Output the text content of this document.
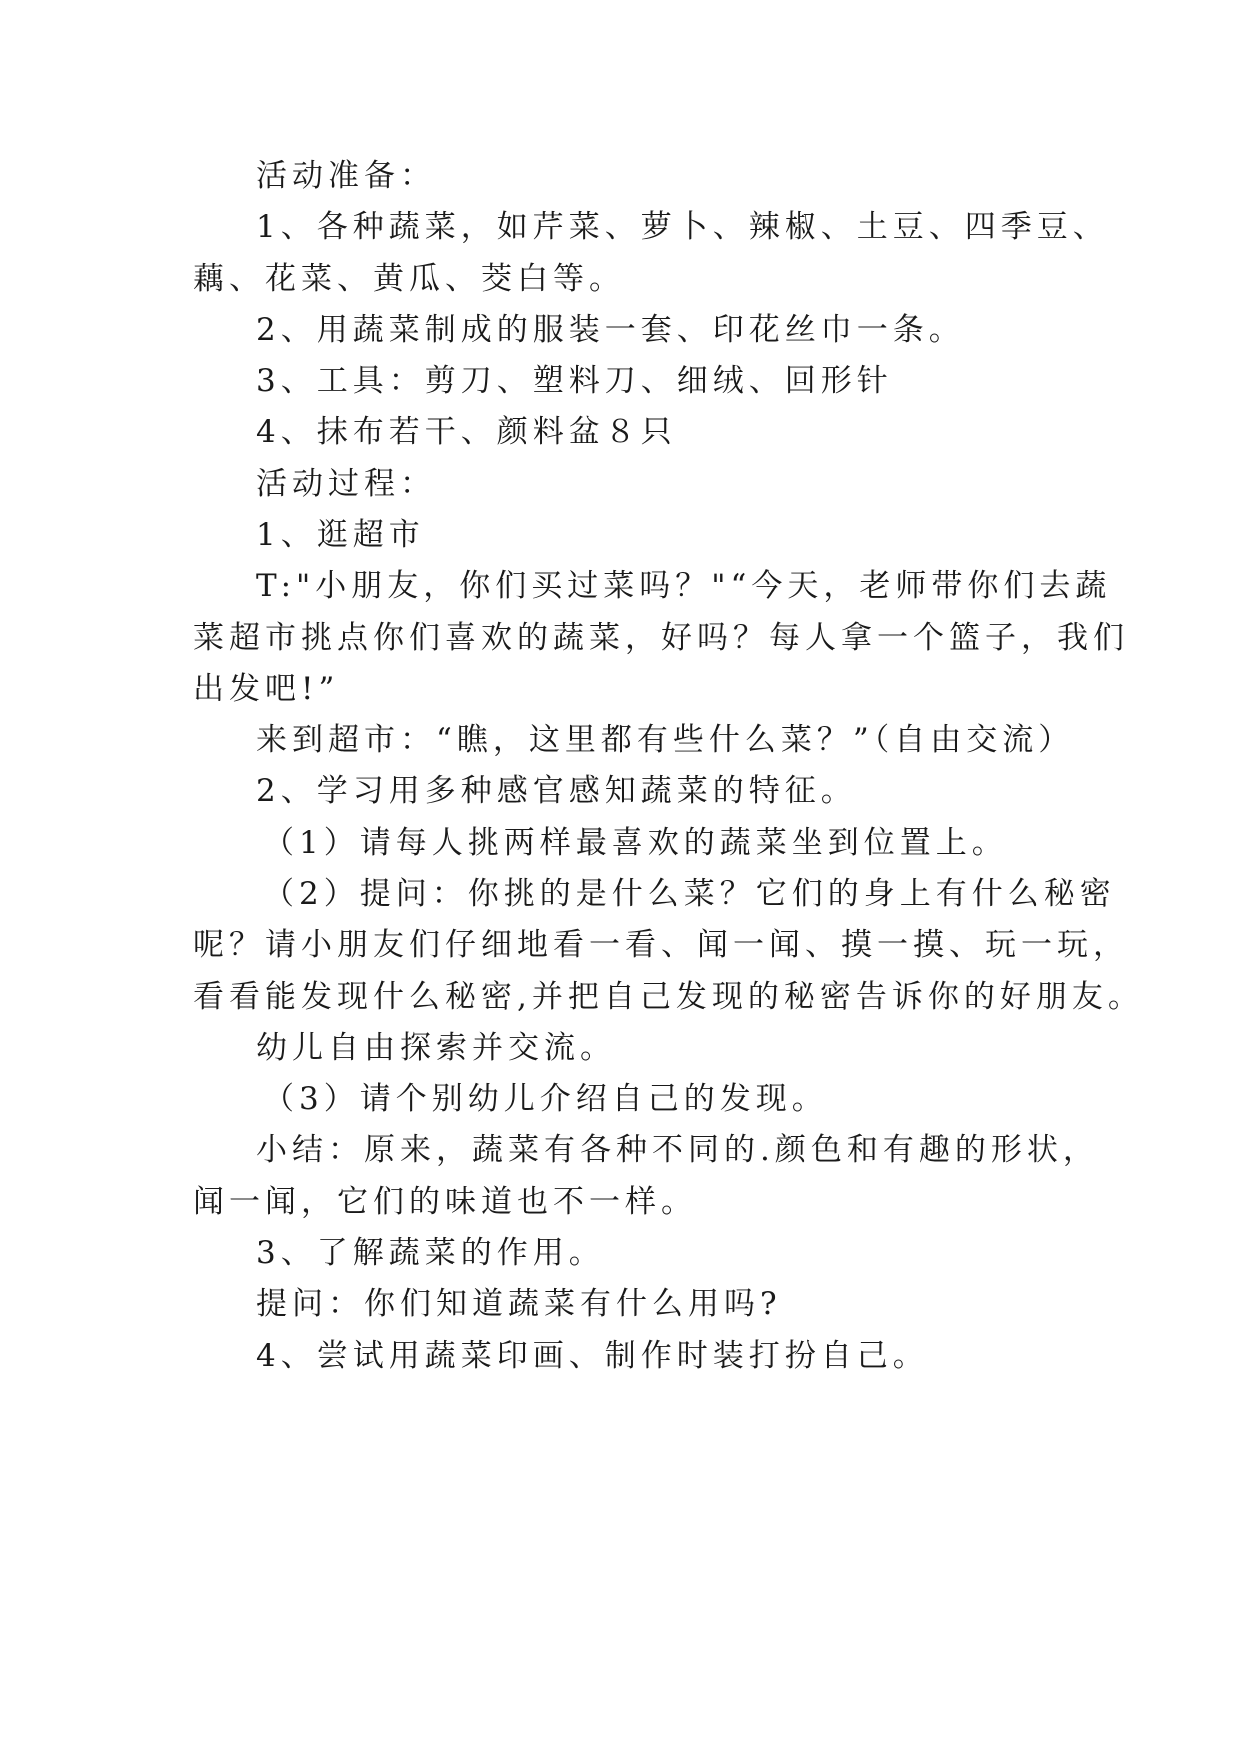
活动准备：
1、各种蔬菜，如芹菜、萝卜、辣椒、土豆、四季豆、
藕、花菜、黄瓜、茭白等。
2、用蔬菜制成的服装一套、印花丝巾一条。
3、工具：剪刀、塑料刀、细绒、回形针
4、抹布若干、颜料盆８只
活动过程：
1、逛超市
T:"小朋友，你们买过菜吗？"“今天，老师带你们去蔬
菜超市挑点你们喜欢的蔬菜，好吗？每人拿一个篮子，我们
出发吧!”
来到超市：“瞧，这里都有些什么菜？”（自由交流）
2、学习用多种感官感知蔬菜的特征。
（1）请每人挑两样最喜欢的蔬菜坐到位置上。
（2）提问：你挑的是什么菜？它们的身上有什么秘密
呢？请小朋友们仔细地看一看、闻一闻、摸一摸、玩一玩，
看看能发现什么秘密,并把自己发现的秘密告诉你的好朋友。
幼儿自由探索并交流。
（3）请个别幼儿介绍自己的发现。
小结：原来，蔬菜有各种不同的.颜色和有趣的形状，
闻一闻，它们的味道也不一样。
3、了解蔬菜的作用。
提问：你们知道蔬菜有什么用吗?
4、尝试用蔬菜印画、制作时装打扮自己。
